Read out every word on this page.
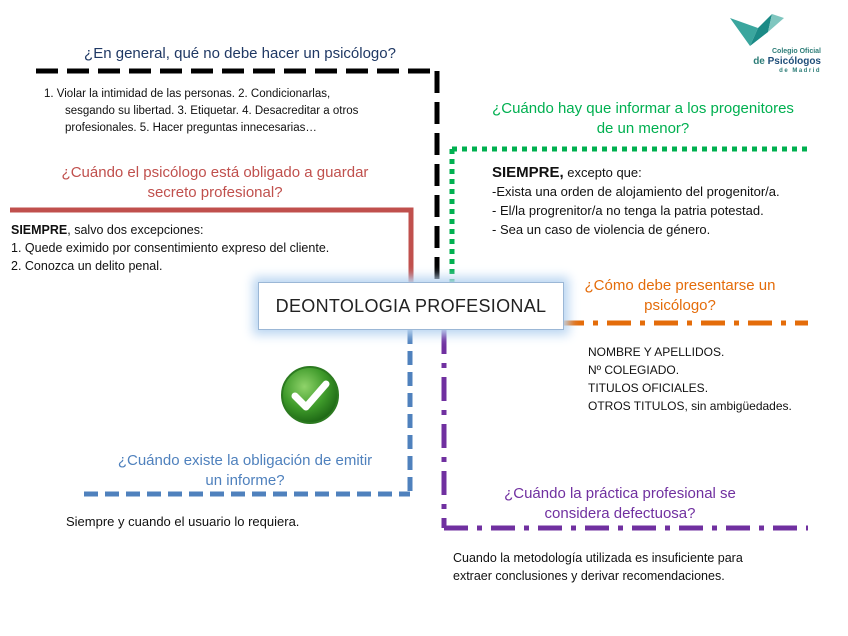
Colegio Oficial
de Psicólogos
de Madrid
¿En general, qué no debe hacer un psicólogo?
1. Violar la intimidad de las personas. 2. Condicionarlas,
sesgando su libertad. 3. Etiquetar. 4. Desacreditar a otros
profesionales. 5. Hacer preguntas innecesarias…
¿Cuándo el psicólogo está obligado a guardar
secreto profesional?
SIEMPRE, salvo dos excepciones:
1. Quede eximido por consentimiento expreso del cliente.
2. Conozca un delito penal.
¿Cuándo hay que informar a los progenitores
de un menor?
SIEMPRE, excepto que:
-Exista una orden de alojamiento del progenitor/a.
- El/la progrenitor/a no tenga la patria potestad.
- Sea un caso de violencia de género.
DEONTOLOGIA PROFESIONAL
¿Cómo debe presentarse un
psicólogo?
NOMBRE Y APELLIDOS.
Nº COLEGIADO.
TITULOS OFICIALES.
OTROS TITULOS, sin ambigüedades.
¿Cuándo existe la obligación de emitir
un informe?
Siempre y cuando el usuario lo requiera.
¿Cuándo la práctica profesional se
considera defectuosa?
Cuando la metodología utilizada es insuficiente para
extraer conclusiones y derivar recomendaciones.
